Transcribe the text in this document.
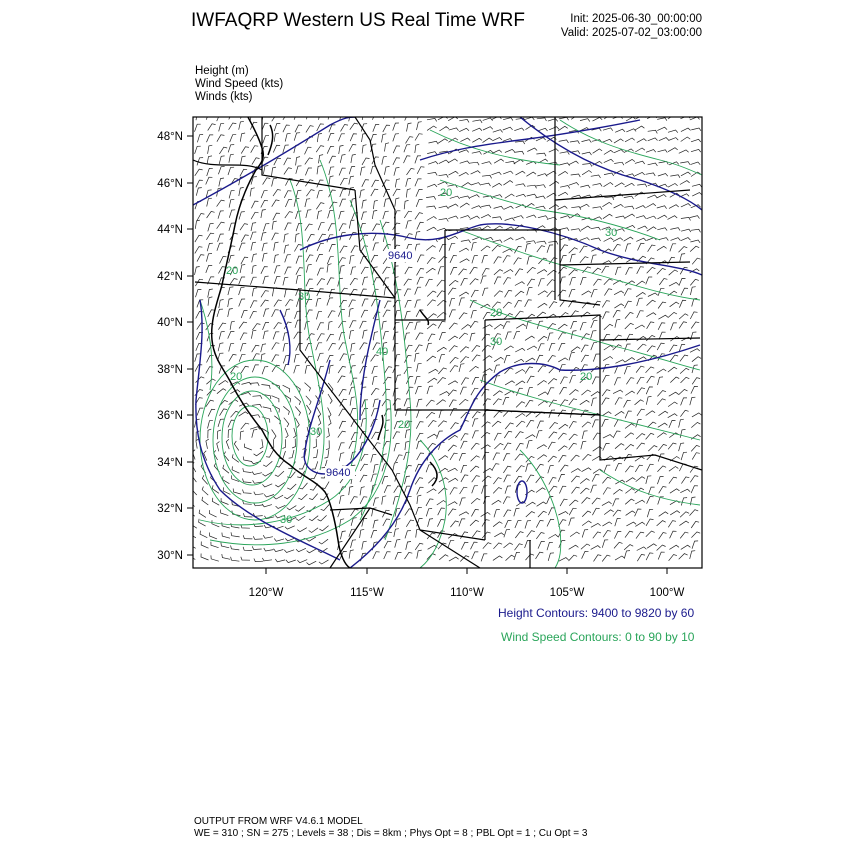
IWFAQRP Western US Real Time WRF	Init: 2025-06-30_00:00:00
Valid: 2025-07-02_03:00:00
Height (m)
Wind Speed (kts)
Winds (kts)
9640
9640
20
30
40
30
20
30
20
20
30
20
30
20
48°N
46°N
44°N
42°N
40°N
38°N
36°N
34°N
32°N
30°N
120°W	115°W	110°W	105°W	100°W
Height Contours: 9400 to 9820 by 60
Wind Speed Contours: 0 to 90 by 10
OUTPUT FROM WRF V4.6.1 MODEL
WE = 310 ; SN = 275 ; Levels = 38 ; Dis = 8km ; Phys Opt = 8 ; PBL Opt = 1 ; Cu Opt = 3
